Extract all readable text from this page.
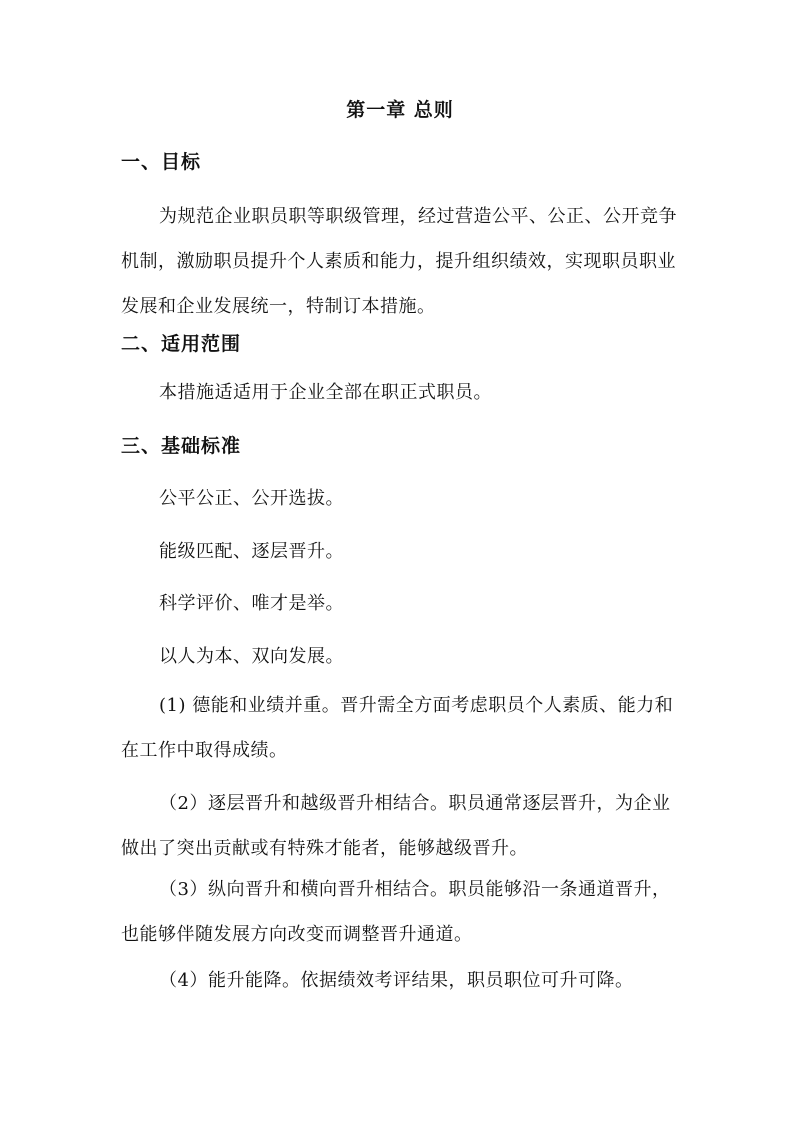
第一章 总则
一、目标
为规范企业职员职等职级管理，经过营造公平、公正、公开竞争机制，激励职员提升个人素质和能力，提升组织绩效，实现职员职业发展和企业发展统一，特制订本措施。
二、适用范围
本措施适适用于企业全部在职正式职员。
三、基础标准
公平公正、公开选拔。
能级匹配、逐层晋升。
科学评价、唯才是举。
以人为本、双向发展。
(1) 德能和业绩并重。晋升需全方面考虑职员个人素质、能力和在工作中取得成绩。
（2）逐层晋升和越级晋升相结合。职员通常逐层晋升，为企业做出了突出贡献或有特殊才能者，能够越级晋升。
（3）纵向晋升和横向晋升相结合。职员能够沿一条通道晋升，也能够伴随发展方向改变而调整晋升通道。
（4）能升能降。依据绩效考评结果，职员职位可升可降。
